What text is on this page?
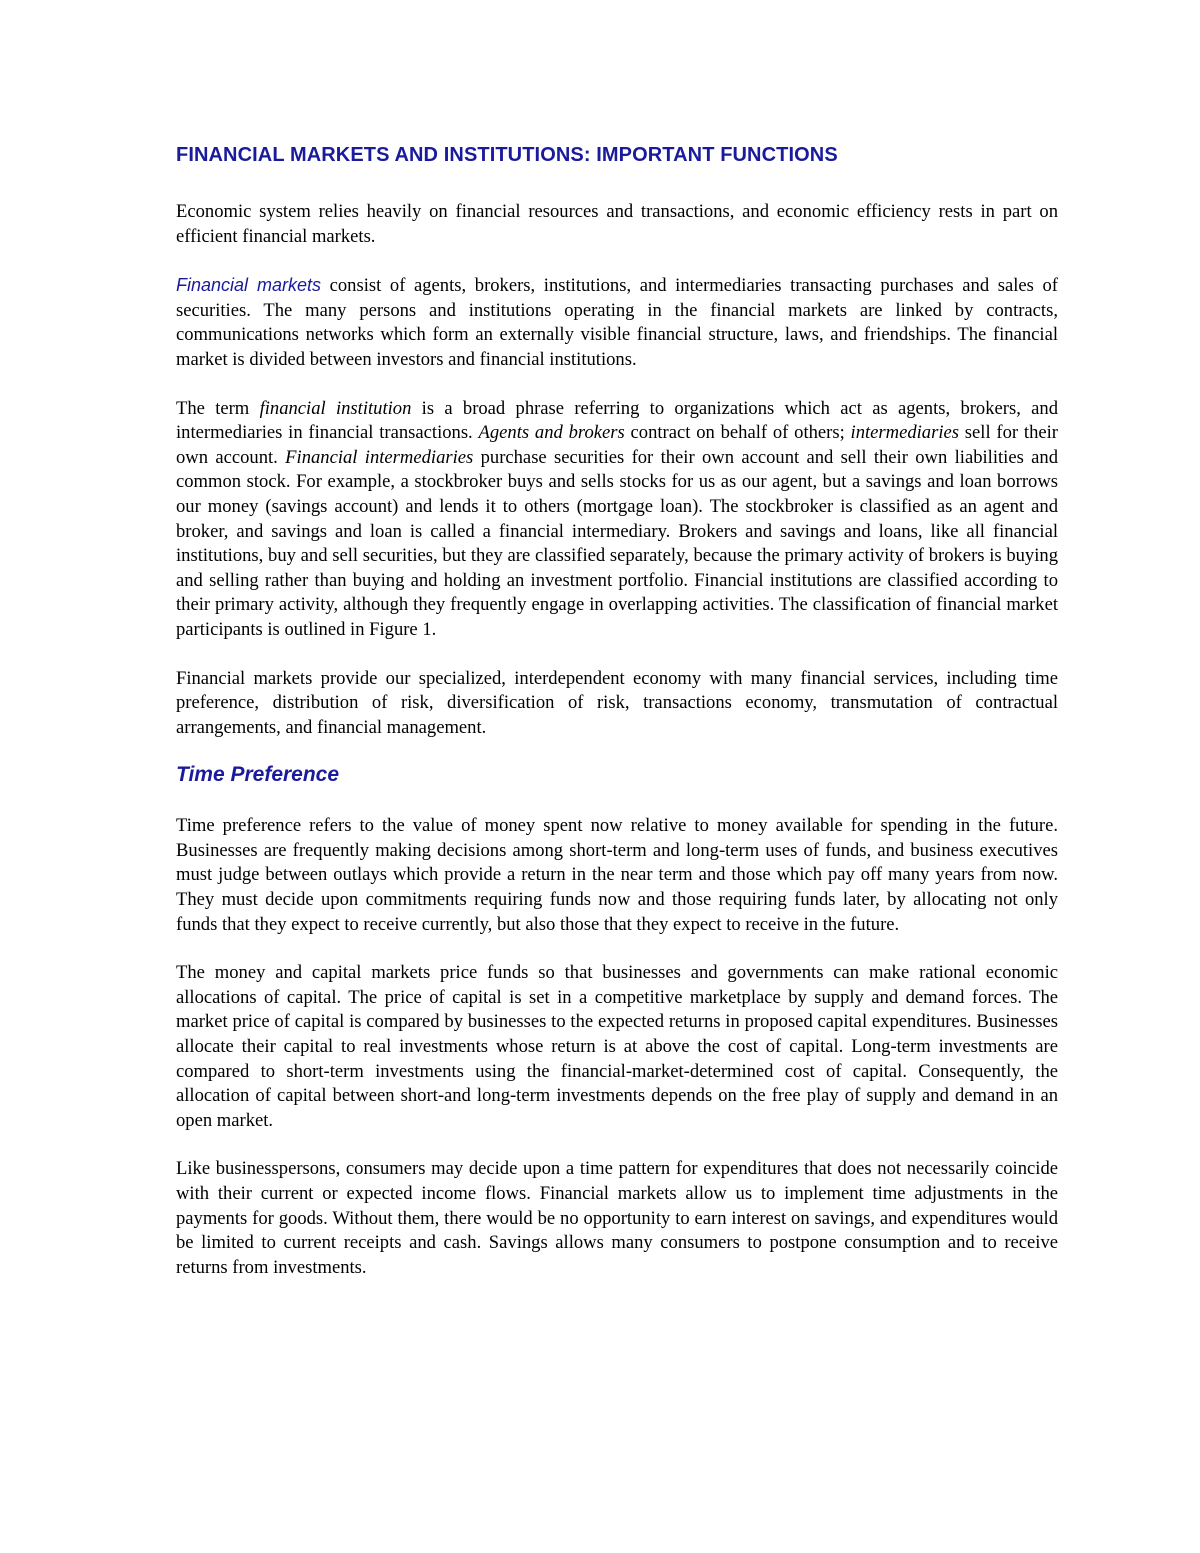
FINANCIAL MARKETS AND INSTITUTIONS: IMPORTANT FUNCTIONS

Economic system relies heavily on financial resources and transactions, and economic efficiency rests in part on efficient financial markets.

Financial markets consist of agents, brokers, institutions, and intermediaries transacting purchases and sales of securities. The many persons and institutions operating in the financial markets are linked by contracts, communications networks which form an externally visible financial structure, laws, and friendships. The financial market is divided between investors and financial institutions.

The term financial institution is a broad phrase referring to organizations which act as agents, brokers, and intermediaries in financial transactions. Agents and brokers contract on behalf of others; intermediaries sell for their own account. Financial intermediaries purchase securities for their own account and sell their own liabilities and common stock. For example, a stockbroker buys and sells stocks for us as our agent, but a savings and loan borrows our money (savings account) and lends it to others (mortgage loan). The stockbroker is classified as an agent and broker, and savings and loan is called a financial intermediary. Brokers and savings and loans, like all financial institutions, buy and sell securities, but they are classified separately, because the primary activity of brokers is buying and selling rather than buying and holding an investment portfolio. Financial institutions are classified according to their primary activity, although they frequently engage in overlapping activities. The classification of financial market participants is outlined in Figure 1.

Financial markets provide our specialized, interdependent economy with many financial services, including time preference, distribution of risk, diversification of risk, transactions economy, transmutation of contractual arrangements, and financial management.

Time Preference

Time preference refers to the value of money spent now relative to money available for spending in the future. Businesses are frequently making decisions among short-term and long-term uses of funds, and business executives must judge between outlays which provide a return in the near term and those which pay off many years from now. They must decide upon commitments requiring funds now and those requiring funds later, by allocating not only funds that they expect to receive currently, but also those that they expect to receive in the future.

The money and capital markets price funds so that businesses and governments can make rational economic allocations of capital. The price of capital is set in a competitive marketplace by supply and demand forces. The market price of capital is compared by businesses to the expected returns in proposed capital expenditures. Businesses allocate their capital to real investments whose return is at above the cost of capital. Long-term investments are compared to short-term investments using the financial-market-determined cost of capital. Consequently, the allocation of capital between short-and long-term investments depends on the free play of supply and demand in an open market.

Like businesspersons, consumers may decide upon a time pattern for expenditures that does not necessarily coincide with their current or expected income flows. Financial markets allow us to implement time adjustments in the payments for goods. Without them, there would be no opportunity to earn interest on savings, and expenditures would be limited to current receipts and cash. Savings allows many consumers to postpone consumption and to receive returns from investments.
